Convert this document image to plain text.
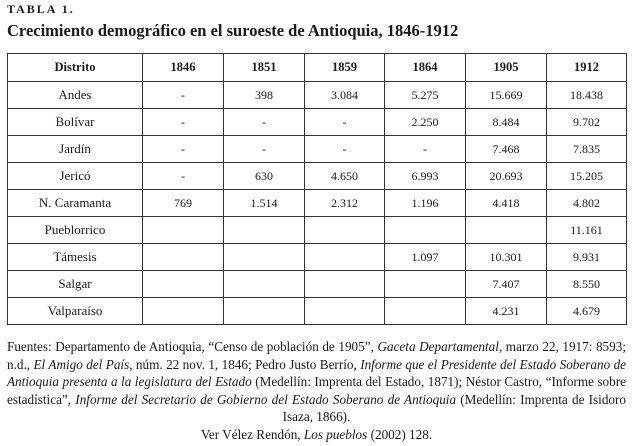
TABLA 1.
Crecimiento demográfico en el suroeste de Antioquia, 1846-1912
Distrito	1846	1851	1859	1864	1905	1912
Andes	-	398	3.084	5.275	15.669	18.438
Bolívar	-	-	-	2.250	8.484	9.702
Jardín	-	-	-	-	7.468	7.835
Jericó	-	630	4.650	6.993	20.693	15.205
N. Caramanta	769	1.514	2.312	1.196	4.418	4.802
Pueblorrico						11.161
Támesis				1.097	10.301	9.931
Salgar					7.407	8.550
Valparaíso					4.231	4.679

Fuentes: Departamento de Antioquia, “Censo de población de 1905”, Gaceta Departamental, marzo 22, 1917: 8593; n.d., El Amigo del País, núm. 22 nov. 1, 1846; Pedro Justo Berrío, Informe que el Presidente del Estado Soberano de Antioquia presenta a la legislatura del Estado (Medellín: Imprenta del Estado, 1871); Néstor Castro, “Informe sobre estadística”, Informe del Secretario de Gobierno del Estado Soberano de Antioquia (Medellín: Imprenta de Isidoro Isaza, 1866).

Ver Vélez Rendón, Los pueblos (2002) 128.
